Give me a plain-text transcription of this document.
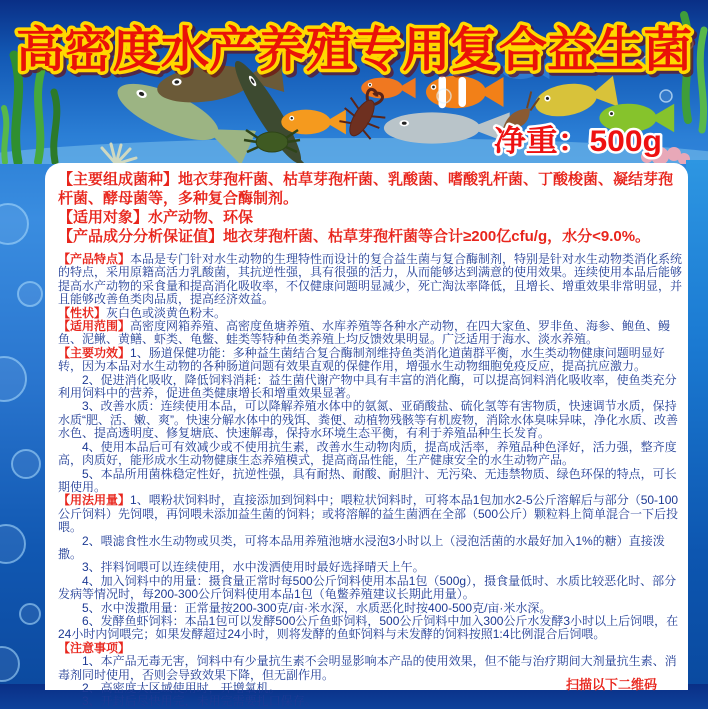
高密度水产养殖专用复合益生菌
净重：500g

【主要组成菌种】地衣芽孢杆菌、枯草芽孢杆菌、乳酸菌、嗜酸乳杆菌、丁酸梭菌、凝结芽孢杆菌、酵母菌等，多种复合酶制剂。

【适用对象】水产动物、环保

【产品成分分析保证值】地衣芽孢杆菌、枯草芽孢杆菌等合计≥200亿cfu/g，水分<9.0%。

【产品特点】本品是专门针对水生动物的生理特性而设计的复合益生菌与复合酶制剂，特别是针对水生动物类消化系统的特点，采用原籍高活力乳酸菌，其抗逆性强，具有很强的活力，从而能够达到满意的使用效果。连续使用本品后能够提高水产动物的采食量和提高消化吸收率，不仅健康问题明显减少，死亡淘汰率降低，且增长、增重效果非常明显，并且能够改善鱼类肉品质，提高经济效益。

【性状】灰白色或淡黄色粉末。

【适用范围】高密度网箱养殖、高密度鱼塘养殖、水库养殖等各种水产动物，在四大家鱼、罗非鱼、海参、鲍鱼、鳗鱼、泥鳅、黄鳝、虾类、龟鳖、蛙类等特种鱼类养殖上均反馈效果明显。广泛适用于海水、淡水养殖。

【主要功效】1、肠道保健功能：多种益生菌结合复合酶制剂维持鱼类消化道菌群平衡，水生类动物健康问题明显好转，因为本品对水生动物的各种肠道问题有效果直观的保健作用，增强水生动物细胞免疫反应，提高抗应激力。

2、促进消化吸收，降低饲料消耗：益生菌代谢产物中具有丰富的消化酶，可以提高饲料消化吸收率，使鱼类充分利用饲料中的营养，促进鱼类健康增长和增重效果显著。

3、改善水质：连续使用本品，可以降解养殖水体中的氨氮、亚硝酸盐、硫化氢等有害物质，快速调节水质，保持水质“肥、活、嫩、爽”。快速分解水体中的残饵、粪便、动植物残骸等有机废物，消除水体臭味异味，净化水质、改善水色、提高透明度、修复塘底、快速解毒，保持水环境生态平衡，有利于养殖品种生长发育。

4、使用本品后可有效减少或不使用抗生素，改善水生动物肉质，提高成活率，养殖品种色泽好，活力强，整齐度高，肉质好，能形成水生动物健康生态养殖模式，提高商品性能，生产健康安全的水生动物产品。

5、本品所用菌株稳定性好，抗逆性强，具有耐热、耐酸、耐胆汁、无污染、无违禁物质、绿色环保的特点，可长期使用。

【用法用量】1、喂粉状饲料时，直接添加到饲料中；喂粒状饲料时，可将本品1包加水2-5公斤溶解后与部分（50-100公斤饲料）先饲喂，再饲喂未添加益生菌的饲料；或将溶解的益生菌洒在全部（500公斤）颗粒料上简单混合一下后投喂。

2、喂滤食性水生动物或贝类，可将本品用养殖池塘水浸泡3小时以上（浸泡活菌的水最好加入1%的糖）直接泼撒。

3、拌料饲喂可以连续使用，水中泼洒使用时最好选择晴天上午。

4、加入饲料中的用量：摄食量正常时每500公斤饲料使用本品1包（500g），摄食量低时、水质比较恶化时、部分发病等情况时，每200-300公斤饲料使用本品1包（龟鳖养殖建议长期此用量）。

5、水中泼撒用量：正常量按200-300克/亩·米水深，水质恶化时按400-500克/亩·米水深。

6、发酵鱼虾饲料：本品1包可以发酵500公斤鱼虾饲料，500公斤饲料中加入300公斤水发酵3小时以上后饲喂，在24小时内饲喂完；如果发酵超过24小时，则将发酵的鱼虾饲料与未发酵的饲料按照1:4比例混合后饲喂。

【注意事项】

1、本产品无毒无害，饲料中有少量抗生素不会明显影响本产品的使用效果，但不能与治疗期间大剂量抗生素、消毒剂同时使用，否则会导致效果下降，但无副作用。

2、高密度大区域使用时，开增氧机。

3、开封后尽快用完，未用完需要扎口保存。

扫描以下二维码
